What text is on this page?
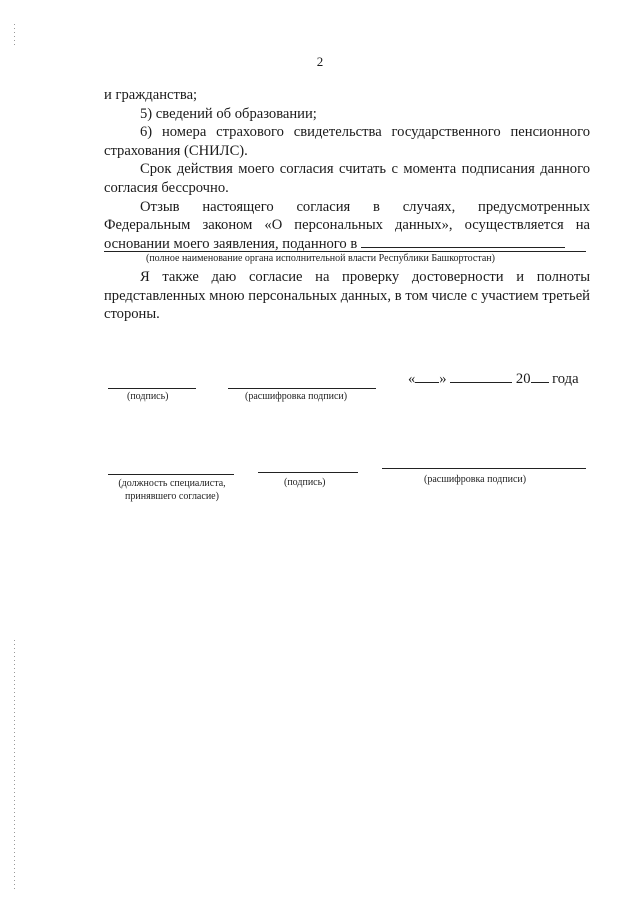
2

и гражданства;

5) сведений об образовании;

6) номера страхового свидетельства государственного пенсионного страхования (СНИЛС).

Срок действия моего согласия считать с момента подписания данного согласия бессрочно.

Отзыв настоящего согласия в случаях, предусмотренных

Федеральным законом «О персональных данных», осуществляется на

основании моего заявления, поданного в

(полное наименование органа исполнительной власти Республики Башкортостан)

Я также даю согласие на проверку достоверности и полноты представленных мною персональных данных, в том числе с участием третьей стороны.

(подпись)	(расшифровка подписи)
« »	20 года
(должность специалиста,
принявшего согласие)
(подпись)	(расшифровка подписи)
